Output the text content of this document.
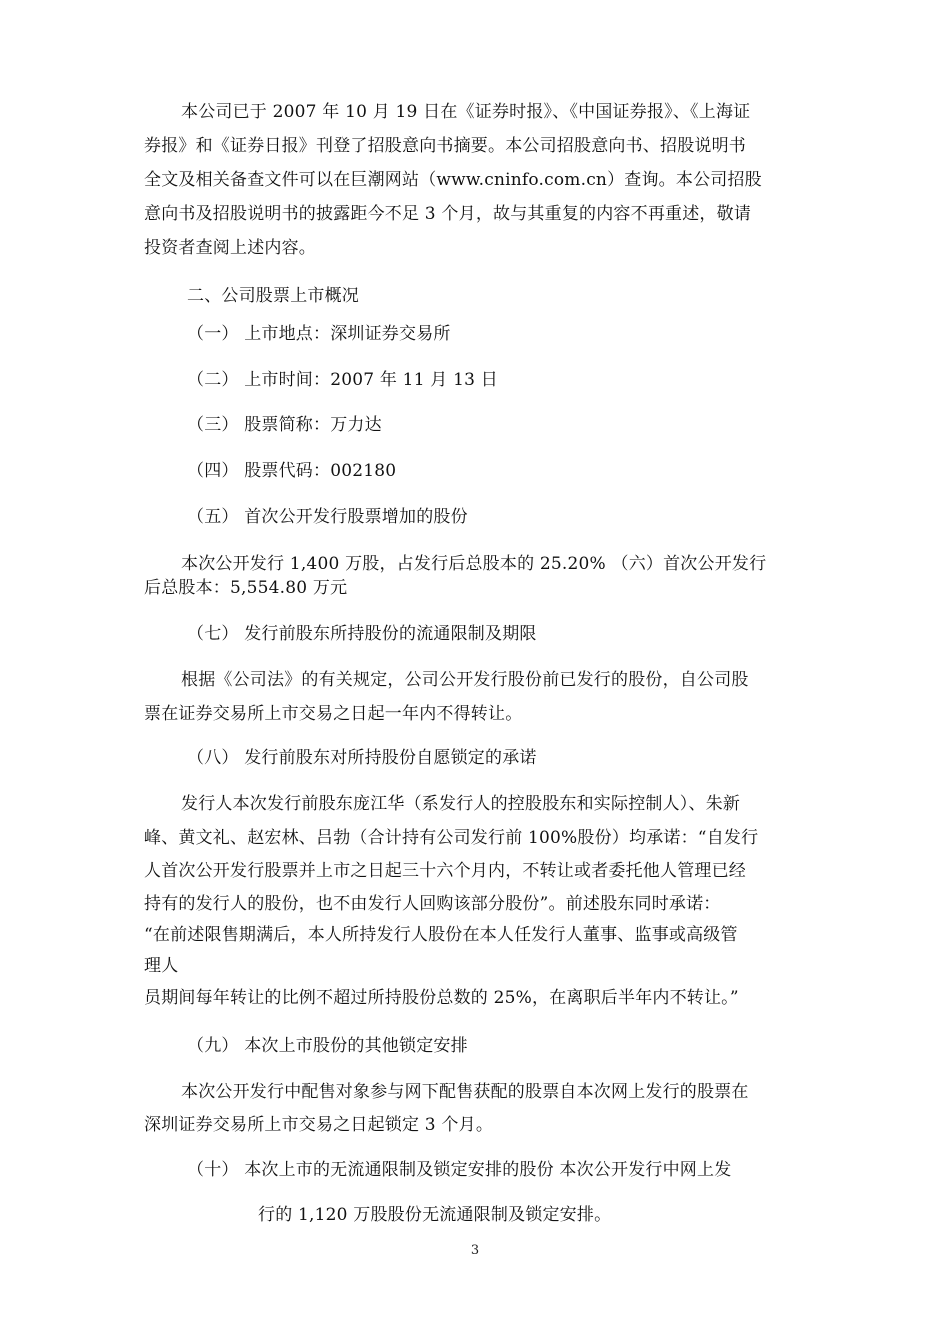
本公司已于 2007 年 10 月 19 日在《证券时报》、《中国证券报》、《上海证

券报》和《证券日报》刊登了招股意向书摘要。本公司招股意向书、招股说明书

全文及相关备查文件可以在巨潮网站（www.cninfo.com.cn）查询。本公司招股

意向书及招股说明书的披露距今不足 3 个月，故与其重复的内容不再重述，敬请

投资者查阅上述内容。

二、公司股票上市概况

（一） 上市地点：深圳证券交易所

（二） 上市时间：2007 年 11 月 13 日

（三） 股票简称：万力达

（四） 股票代码：002180

（五） 首次公开发行股票增加的股份

本次公开发行 1,400 万股，占发行后总股本的 25.20% （六）首次公开发行

后总股本：5,554.80 万元

（七） 发行前股东所持股份的流通限制及期限

根据《公司法》的有关规定，公司公开发行股份前已发行的股份，自公司股

票在证券交易所上市交易之日起一年内不得转让。

（八） 发行前股东对所持股份自愿锁定的承诺

发行人本次发行前股东庞江华（系发行人的控股股东和实际控制人）、朱新

峰、黄文礼、赵宏林、吕勃（合计持有公司发行前 100%股份）均承诺：“自发行

人首次公开发行股票并上市之日起三十六个月内，不转让或者委托他人管理已经

持有的发行人的股份，也不由发行人回购该部分股份”。前述股东同时承诺：

“在前述限售期满后，本人所持发行人股份在本人任发行人董事、监事或高级管

理人

员期间每年转让的比例不超过所持股份总数的 25%，在离职后半年内不转让。”

（九） 本次上市股份的其他锁定安排

本次公开发行中配售对象参与网下配售获配的股票自本次网上发行的股票在

深圳证券交易所上市交易之日起锁定 3 个月。

（十） 本次上市的无流通限制及锁定安排的股份 本次公开发行中网上发

行的 1,120 万股股份无流通限制及锁定安排。

3
